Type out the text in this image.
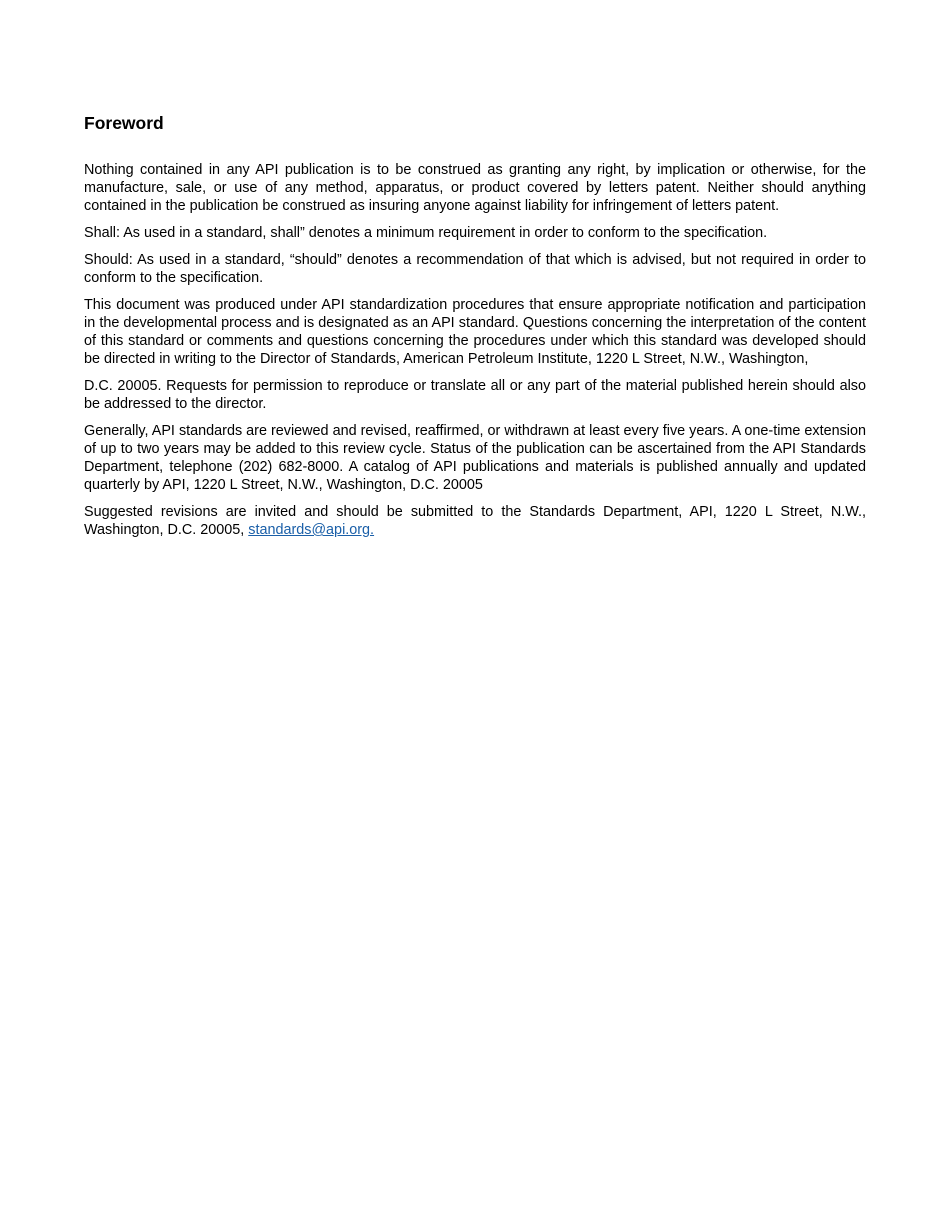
Foreword

Nothing contained in any API publication is to be construed as granting any right, by implication or otherwise, for the manufacture, sale, or use of any method, apparatus, or product covered by letters patent. Neither should anything contained in the publication be construed as insuring anyone against liability for infringement of letters patent.

Shall: As used in a standard, shall” denotes a minimum requirement in order to conform to the specification.

Should: As used in a standard, “should” denotes a recommendation of that which is advised, but not required in order to conform to the specification.

This document was produced under API standardization procedures that ensure appropriate notification and participation in the developmental process and is designated as an API standard. Questions concerning the interpretation of the content of this standard or comments and questions concerning the procedures under which this standard was developed should be directed in writing to the Director of Standards, American Petroleum Institute, 1220 L Street, N.W., Washington,

D.C. 20005. Requests for permission to reproduce or translate all or any part of the material published herein should also be addressed to the director.

Generally, API standards are reviewed and revised, reaffirmed, or withdrawn at least every five years. A one-time extension of up to two years may be added to this review cycle. Status of the publication can be ascertained from the API Standards Department, telephone (202) 682-8000. A catalog of API publications and materials is published annually and updated quarterly by API, 1220 L Street, N.W., Washington, D.C. 20005

Suggested revisions are invited and should be submitted to the Standards Department, API, 1220 L Street, N.W., Washington, D.C. 20005, standards@api.org.
